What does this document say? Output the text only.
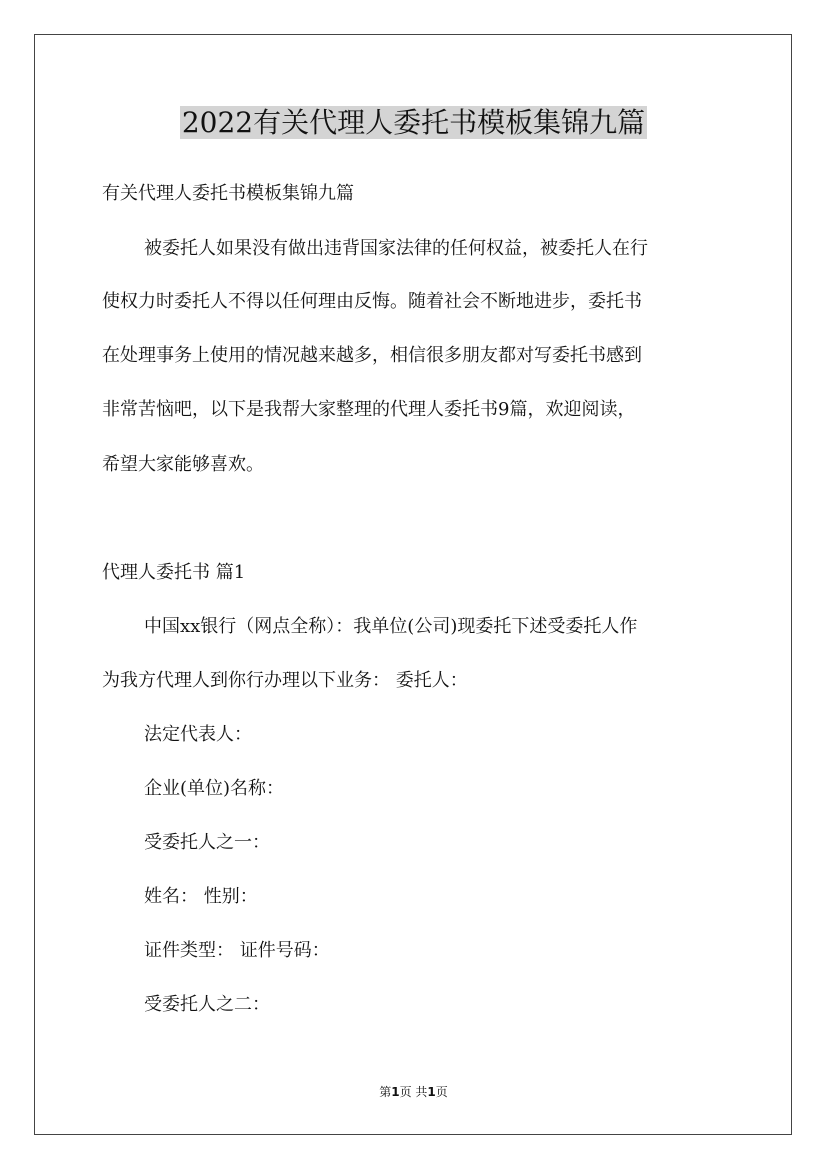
2022有关代理人委托书模板集锦九篇

有关代理人委托书模板集锦九篇

被委托人如果没有做出违背国家法律的任何权益，被委托人在行

使权力时委托人不得以任何理由反悔。随着社会不断地进步，委托书

在处理事务上使用的情况越来越多，相信很多朋友都对写委托书感到

非常苦恼吧，以下是我帮大家整理的代理人委托书9篇，欢迎阅读，

希望大家能够喜欢。

代理人委托书 篇1

中国xx银行（网点全称）：我单位(公司)现委托下述受委托人作

为我方代理人到你行办理以下业务： 委托人：

法定代表人：

企业(单位)名称：

受委托人之一：

姓名： 性别：

证件类型： 证件号码：

受委托人之二：

第1页 共1页
